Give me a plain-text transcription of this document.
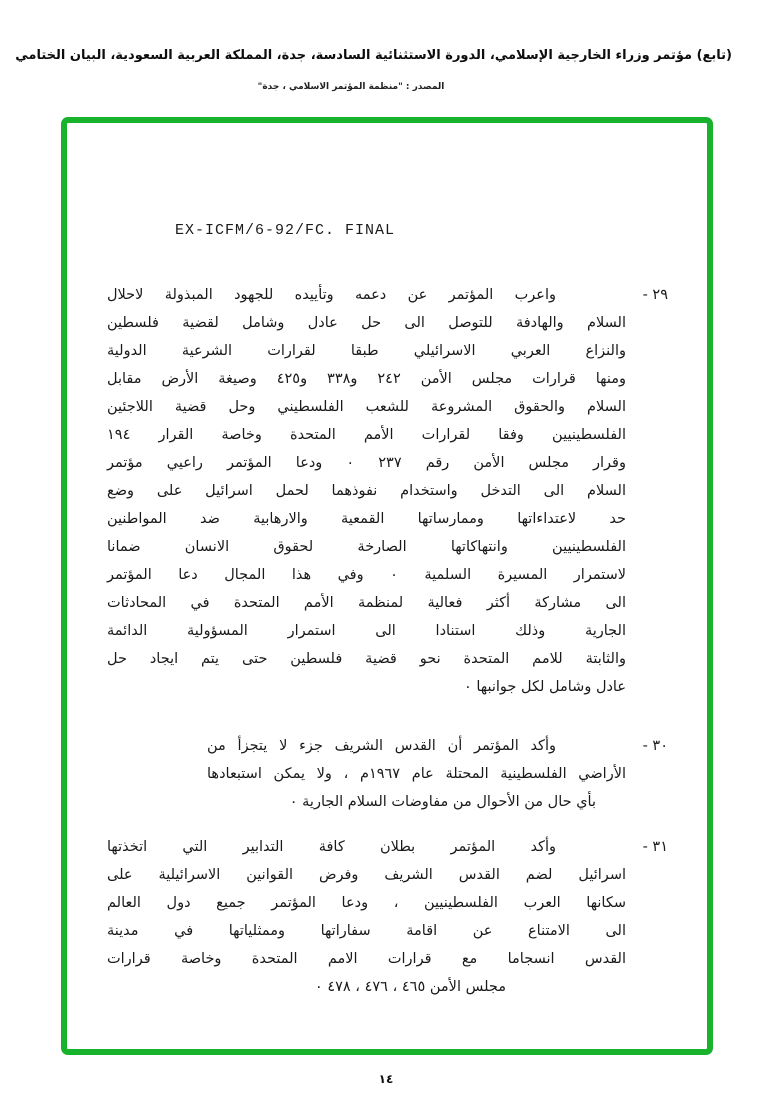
(تابع) مؤتمر وزراء الخارجية الإسلامي، الدورة الاستثنائية السادسة، جدة، المملكة العربية السعودية، البيان الختامي
المصدر : "منظمة المؤتمر الاسلامي ، جدة"
EX-ICFM/6-92/FC. FINAL
٢٩ -
واعرب المؤتمر عن دعمه وتأييده للجهود المبذولة لاحلال
السلام والهادفة للتوصل الى حل عادل وشامل لقضية فلسطين
والنزاع العربي الاسرائيلي طبقا لقرارات الشرعية الدولية
ومنها قرارات مجلس الأمن ٢٤٢ و٣٣٨ و٤٢٥ وصيغة الأرض مقابل
السلام والحقوق المشروعة للشعب الفلسطيني وحل قضية اللاجئين
الفلسطينيين وفقا لقرارات الأمم المتحدة وخاصة القرار ١٩٤
وقرار مجلس الأمن رقم ٢٣٧ ٠ ودعا المؤتمر راعيي مؤتمر
السلام الى التدخل واستخدام نفوذهما لحمل اسرائيل على وضع
حد لاعتداءاتها وممارساتها القمعية والارهابية ضد المواطنين
الفلسطينيين وانتهاكاتها الصارخة لحقوق الانسان ضمانا
لاستمرار المسيرة السلمية ٠ وفي هذا المجال دعا المؤتمر
الى مشاركة أكثر فعالية لمنظمة الأمم المتحدة في المحادثات
الجارية وذلك استنادا الى استمرار المسؤولية الدائمة
والثابتة للامم المتحدة نحو قضية فلسطين حتى يتم ايجاد حل
عادل وشامل لكل جوانبها ٠
٣٠ -
وأكد المؤتمر أن القدس الشريف جزء لا يتجزأ من
الأراضي الفلسطينية المحتلة عام ١٩٦٧م ، ولا يمكن استبعادها
بأي حال من الأحوال من مفاوضات السلام الجارية ٠
٣١ -
وأكد المؤتمر بطلان كافة التدابير التي اتخذتها
اسرائيل لضم القدس الشريف وفرض القوانين الاسرائيلية على
سكانها العرب الفلسطينيين ، ودعا المؤتمر جميع دول العالم
الى الامتناع عن اقامة سفاراتها وممثلياتها في مدينة
القدس انسجاما مع قرارات الامم المتحدة وخاصة قرارات
مجلس الأمن ٤٦٥ ، ٤٧٦ ، ٤٧٨ ٠
١٤
